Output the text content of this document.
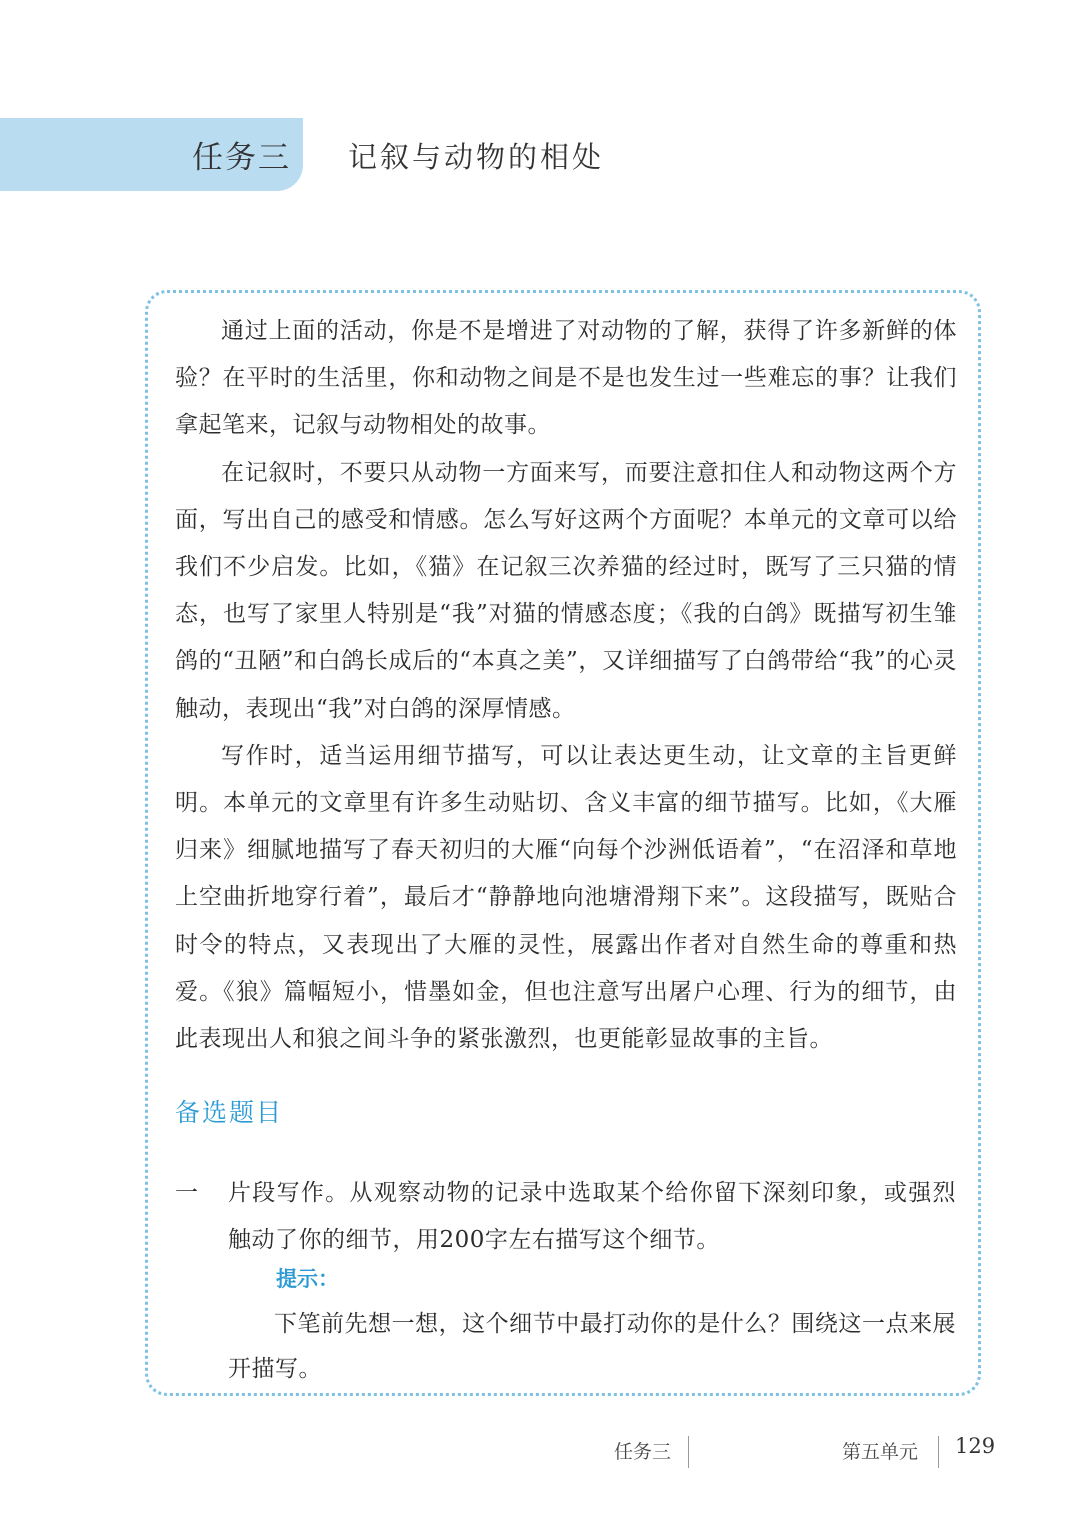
任务三 记叙与动物的相处

通过上面的活动，你是不是增进了对动物的了解，获得了许多新鲜的体验？在平时的生活里，你和动物之间是不是也发生过一些难忘的事？让我们拿起笔来，记叙与动物相处的故事。

在记叙时，不要只从动物一方面来写，而要注意扣住人和动物这两个方面，写出自己的感受和情感。怎么写好这两个方面呢？本单元的文章可以给我们不少启发。比如，《猫》在记叙三次养猫的经过时，既写了三只猫的情态，也写了家里人特别是“我”对猫的情感态度；《我的白鸽》既描写初生雏鸽的“丑陋”和白鸽长成后的“本真之美”，又详细描写了白鸽带给“我”的心灵触动，表现出“我”对白鸽的深厚情感。

写作时，适当运用细节描写，可以让表达更生动，让文章的主旨更鲜明。本单元的文章里有许多生动贴切、含义丰富的细节描写。比如，《大雁归来》细腻地描写了春天初归的大雁“向每个沙洲低语着”，“在沼泽和草地上空曲折地穿行着”，最后才“静静地向池塘滑翔下来”。这段描写，既贴合时令的特点，又表现出了大雁的灵性，展露出作者对自然生命的尊重和热爱。《狼》篇幅短小，惜墨如金，但也注意写出屠户心理、行为的细节，由此表现出人和狼之间斗争的紧张激烈，也更能彰显故事的主旨。

备选题目
一 片段写作。从观察动物的记录中选取某个给你留下深刻印象，或强烈触动了你的细节，用200字左右描写这个细节。
提示：
下笔前先想一想，这个细节中最打动你的是什么？围绕这一点来展开描写。
任务三	第五单元 129
